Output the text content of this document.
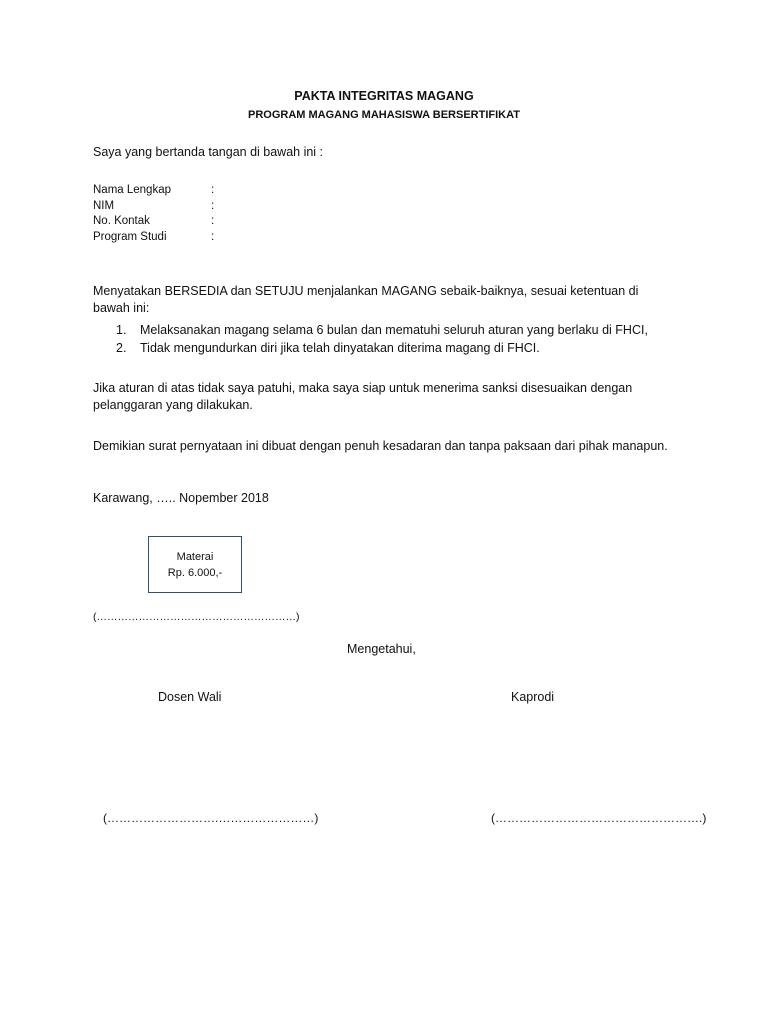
PAKTA INTEGRITAS MAGANG
PROGRAM MAGANG MAHASISWA BERSERTIFIKAT
Saya yang bertanda tangan di bawah ini :
Nama Lengkap	:
NIM	:
No. Kontak	:
Program Studi	:
Menyatakan BERSEDIA dan SETUJU menjalankan MAGANG sebaik-baiknya, sesuai ketentuan di bawah ini:
1. Melaksanakan magang selama 6 bulan dan mematuhi seluruh aturan yang berlaku di FHCI,
2. Tidak mengundurkan diri jika telah dinyatakan diterima magang di FHCI.
Jika aturan di atas tidak saya patuhi, maka saya siap untuk menerima sanksi disesuaikan dengan pelanggaran yang dilakukan.
Demikian surat pernyataan ini dibuat dengan penuh kesadaran dan tanpa paksaan dari pihak manapun.
Karawang, ….. Nopember 2018
Materai
Rp. 6.000,-
(…………………………………………………)
Mengetahui,
Dosen Wali	Kaprodi
(……………………….……………………)	(…………………………………………….)
